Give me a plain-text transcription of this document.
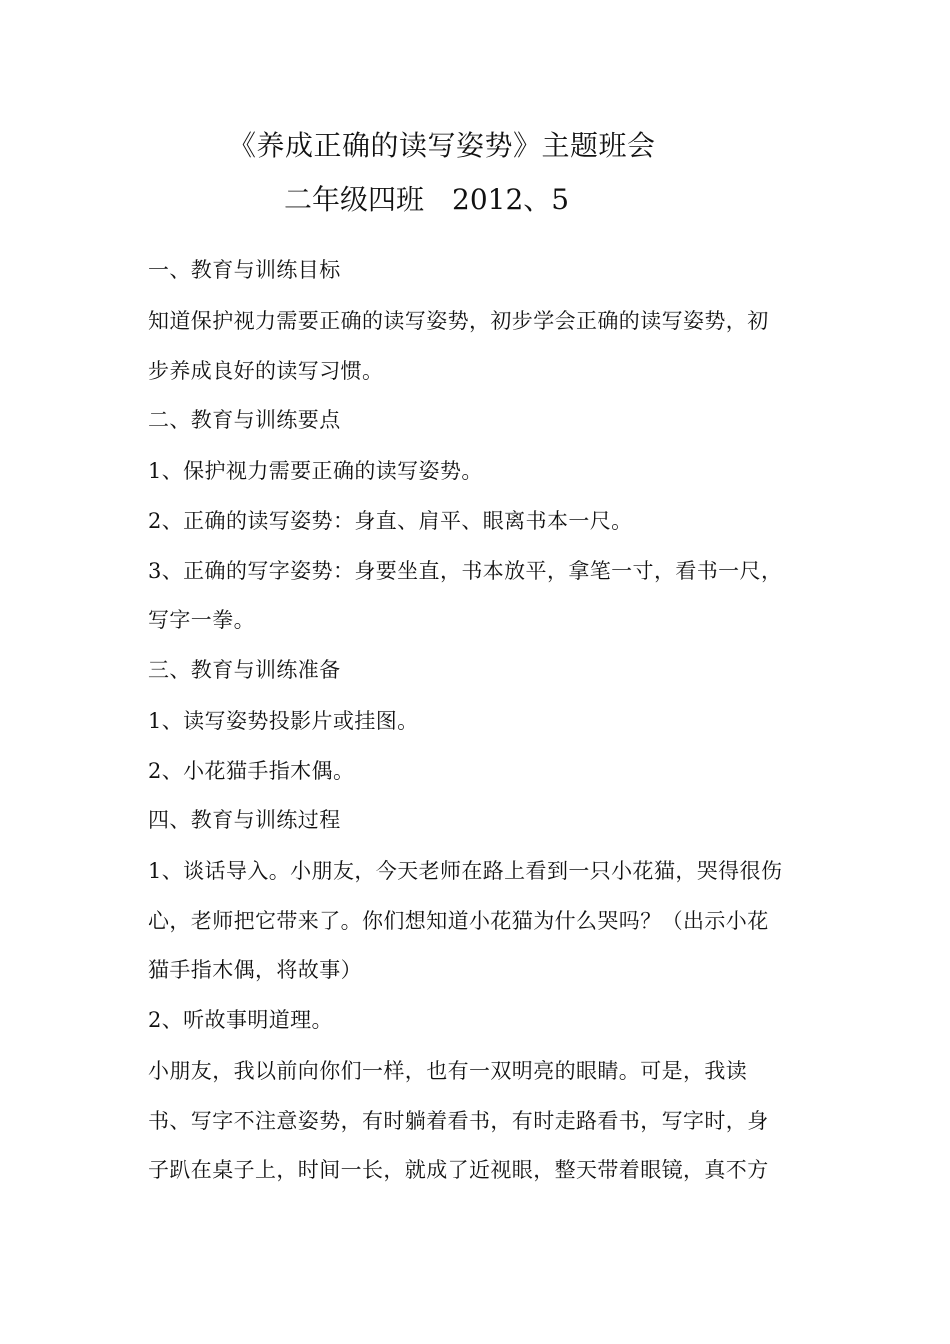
《养成正确的读写姿势》主题班会
二年级四班 2012、5
一、教育与训练目标
知道保护视力需要正确的读写姿势，初步学会正确的读写姿势，初
步养成良好的读写习惯。
二、教育与训练要点
1、保护视力需要正确的读写姿势。
2、正确的读写姿势：身直、肩平、眼离书本一尺。
3、正确的写字姿势：身要坐直，书本放平，拿笔一寸，看书一尺，
写字一拳。
三、教育与训练准备
1、读写姿势投影片或挂图。
2、小花猫手指木偶。
四、教育与训练过程
1、谈话导入。小朋友，今天老师在路上看到一只小花猫，哭得很伤
心，老师把它带来了。你们想知道小花猫为什么哭吗？（出示小花
猫手指木偶，将故事）
2、听故事明道理。
小朋友，我以前向你们一样，也有一双明亮的眼睛。可是，我读
书、写字不注意姿势，有时躺着看书，有时走路看书，写字时，身
子趴在桌子上，时间一长，就成了近视眼，整天带着眼镜，真不方
